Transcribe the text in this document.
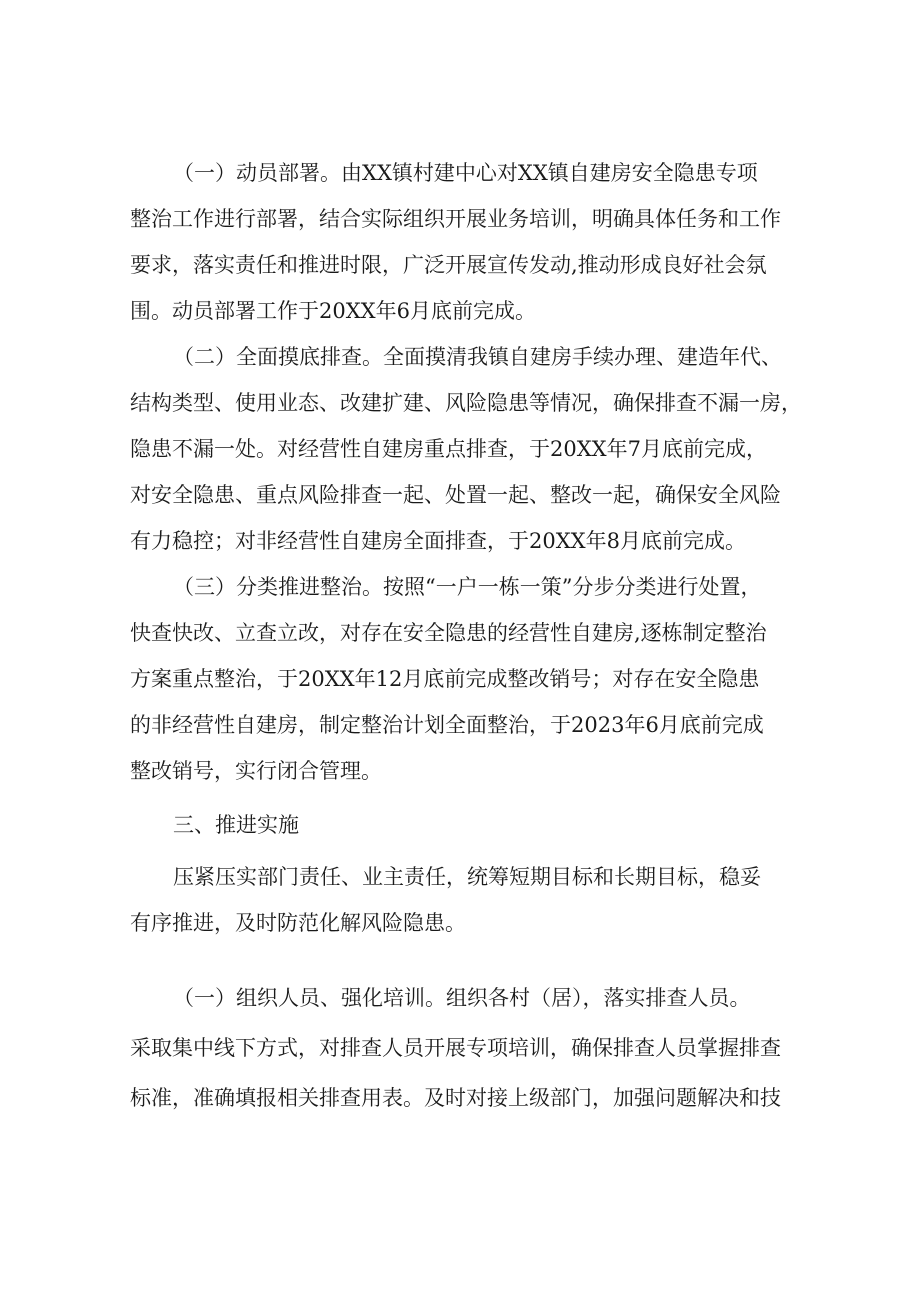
（一）动员部署。由XX镇村建中心对XX镇自建房安全隐患专项
整治工作进行部署，结合实际组织开展业务培训，明确具体任务和工作
要求，落实责任和推进时限，广泛开展宣传发动,推动形成良好社会氛
围。动员部署工作于20XX年6月底前完成。
（二）全面摸底排查。全面摸清我镇自建房手续办理、建造年代、
结构类型、使用业态、改建扩建、风险隐患等情况，确保排查不漏一房，
隐患不漏一处。对经营性自建房重点排查，于20XX年7月底前完成，
对安全隐患、重点风险排查一起、处置一起、整改一起，确保安全风险
有力稳控；对非经营性自建房全面排查，于20XX年8月底前完成。
（三）分类推进整治。按照“一户一栋一策”分步分类进行处置，
快查快改、立查立改，对存在安全隐患的经营性自建房,逐栋制定整治
方案重点整治，于20XX年12月底前完成整改销号；对存在安全隐患
的非经营性自建房，制定整治计划全面整治，于2023年6月底前完成
整改销号，实行闭合管理。
三、推进实施
压紧压实部门责任、业主责任，统筹短期目标和长期目标，稳妥
有序推进，及时防范化解风险隐患。
（一）组织人员、强化培训。组织各村（居），落实排查人员。
采取集中线下方式，对排查人员开展专项培训，确保排查人员掌握排查
标准，准确填报相关排查用表。及时对接上级部门，加强问题解决和技
